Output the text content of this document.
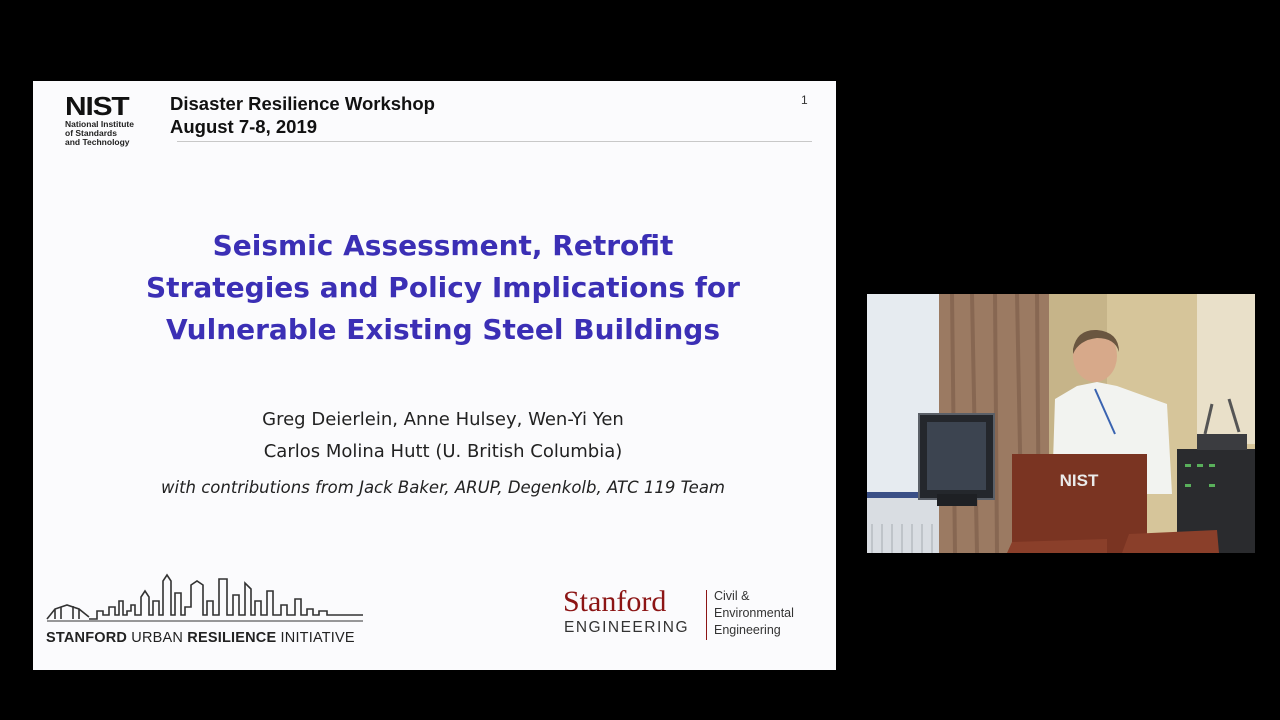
NIST
National Institute
of Standards
and Technology
Disaster Resilience Workshop
August 7-8, 2019
1
Seismic Assessment, Retrofit
Strategies and Policy Implications for
Vulnerable Existing Steel Buildings
Greg Deierlein, Anne Hulsey, Wen-Yi Yen
Carlos Molina Hutt (U. British Columbia)
with contributions from Jack Baker, ARUP, Degenkolb, ATC 119 Team
STANFORD URBAN RESILIENCE INITIATIVE
Stanford
ENGINEERING
Civil &
Environmental
Engineering
NIST
